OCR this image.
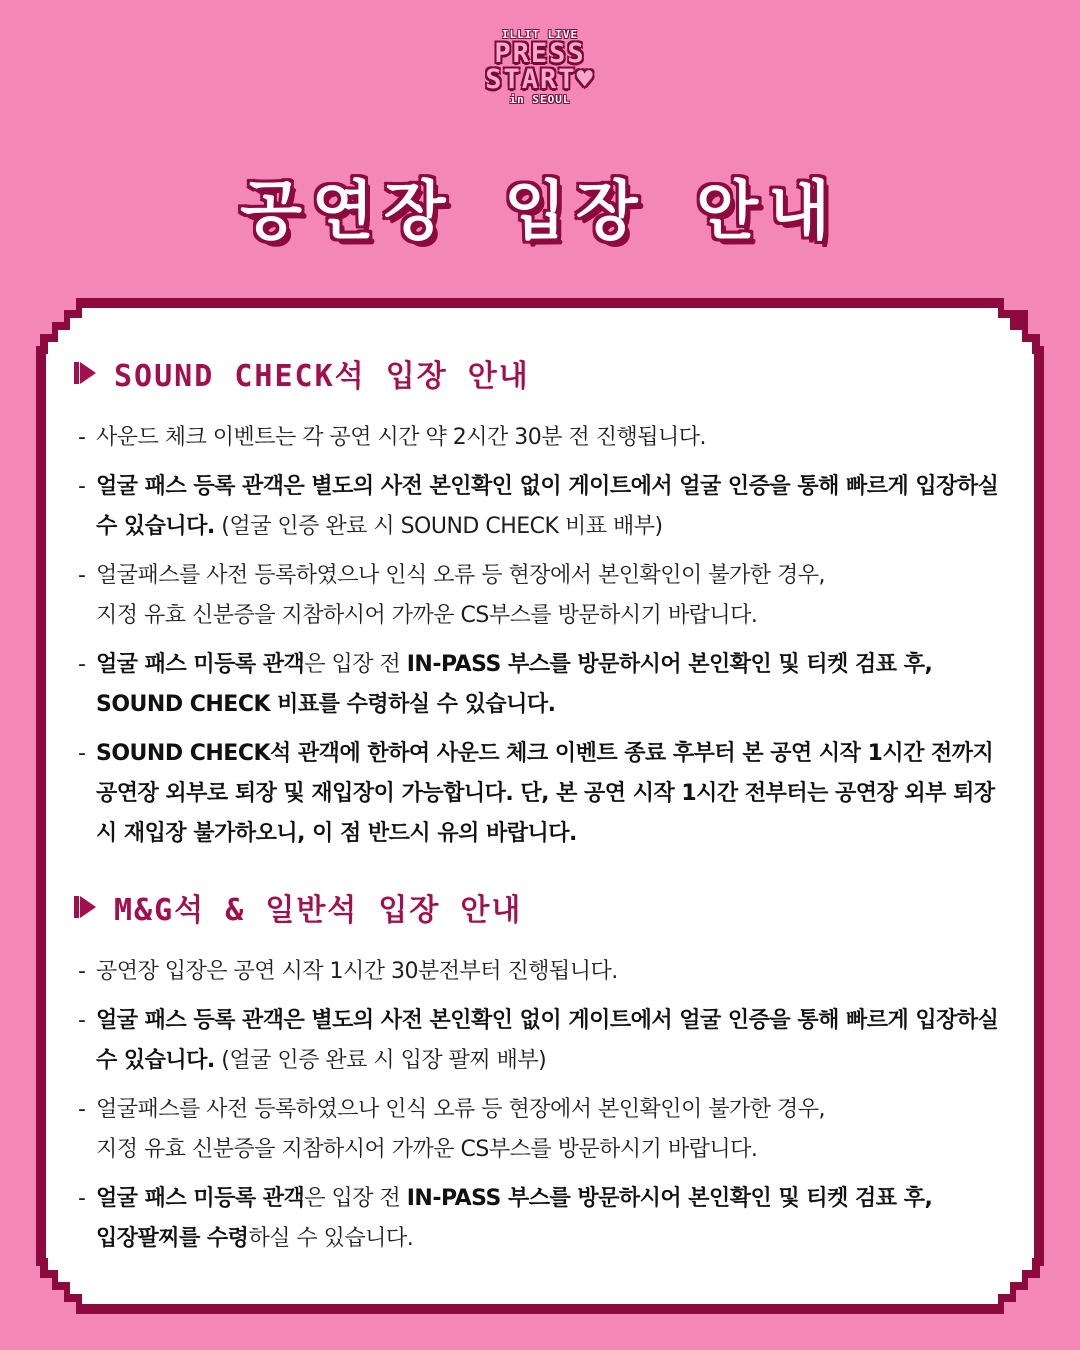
ILLIT LIVE
PRESS
START♥
in SEOUL
공연장 입장 안내
SOUND CHECK석 입장 안내
- 사운드 체크 이벤트는 각 공연 시간 약 2시간 30분 전 진행됩니다.
- 얼굴 패스 등록 관객은 별도의 사전 본인확인 없이 게이트에서 얼굴 인증을 통해 빠르게 입장하실 수 있습니다. (얼굴 인증 완료 시 SOUND CHECK 비표 배부)
- 얼굴패스를 사전 등록하였으나 인식 오류 등 현장에서 본인확인이 불가한 경우,
지정 유효 신분증을 지참하시어 가까운 CS부스를 방문하시기 바랍니다.
- 얼굴 패스 미등록 관객은 입장 전 IN-PASS 부스를 방문하시어 본인확인 및 티켓 검표 후,
SOUND CHECK 비표를 수령하실 수 있습니다.
- SOUND CHECK석 관객에 한하여 사운드 체크 이벤트 종료 후부터 본 공연 시작 1시간 전까지 공연장 외부로 퇴장 및 재입장이 가능합니다. 단, 본 공연 시작 1시간 전부터는 공연장 외부 퇴장 시 재입장 불가하오니, 이 점 반드시 유의 바랍니다.
M&G석 & 일반석 입장 안내
- 공연장 입장은 공연 시작 1시간 30분전부터 진행됩니다.
- 얼굴 패스 등록 관객은 별도의 사전 본인확인 없이 게이트에서 얼굴 인증을 통해 빠르게 입장하실 수 있습니다. (얼굴 인증 완료 시 입장 팔찌 배부)
- 얼굴패스를 사전 등록하였으나 인식 오류 등 현장에서 본인확인이 불가한 경우,
지정 유효 신분증을 지참하시어 가까운 CS부스를 방문하시기 바랍니다.
- 얼굴 패스 미등록 관객은 입장 전 IN-PASS 부스를 방문하시어 본인확인 및 티켓 검표 후,
입장팔찌를 수령하실 수 있습니다.
